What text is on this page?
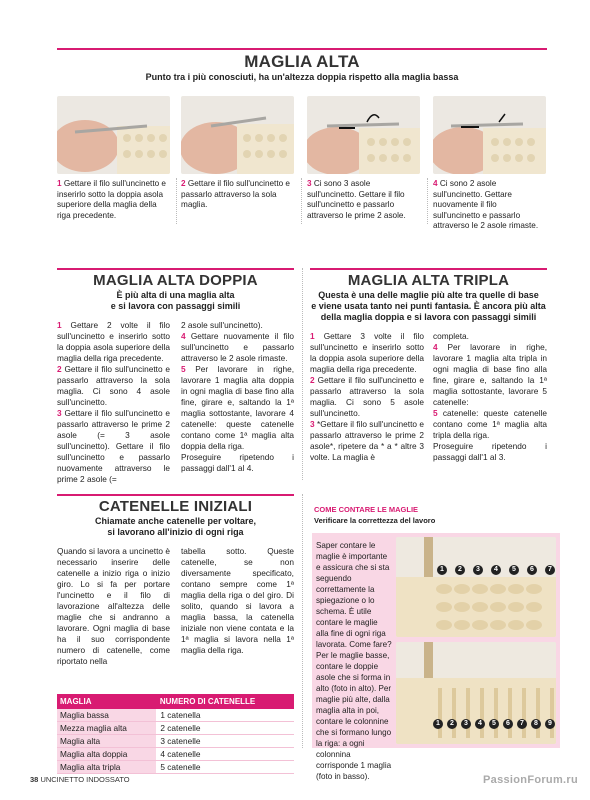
MAGLIA ALTA
Punto tra i più conosciuti, ha un'altezza doppia rispetto alla maglia bassa
1 Gettare il filo sull'uncinetto e inserirlo sotto la doppia asola superiore della maglia della riga precedente.
2 Gettare il filo sull'uncinetto e passarlo attraverso la sola maglia.
3 Ci sono 3 asole sull'uncinetto. Gettare il filo sull'uncinetto e passarlo attraverso le prime 2 asole.
4 Ci sono 2 asole sull'uncinetto. Gettare nuovamente il filo sull'uncinetto e passarlo attraverso le 2 asole rimaste.
MAGLIA ALTA DOPPIA
È più alta di una maglia alta
e si lavora con passaggi simili

1 Gettare 2 volte il filo sull'uncinetto e inserirlo sotto la doppia asola superiore della maglia della riga precedente.

2 Gettare il filo sull'uncinetto e passarlo attraverso la sola maglia. Ci sono 4 asole sull'uncinetto.

3 Gettare il filo sull'uncinetto e passarlo attraverso le prime 2 asole (= 3 asole sull'uncinetto). Gettare il filo sull'uncinetto e passarlo nuovamente attraverso le prime 2 asole (=

2 asole sull'uncinetto).

4 Gettare nuovamente il filo sull'uncinetto e passarlo attraverso le 2 asole rimaste.

5 Per lavorare in righe, lavorare 1 maglia alta doppia in ogni maglia di base fino alla fine, girare e, saltando la 1ª maglia sottostante, lavorare 4 catenelle: queste catenelle contano come 1ª maglia alta doppia della riga.

Proseguire ripetendo i passaggi dall'1 al 4.

MAGLIA ALTA TRIPLA
Questa è una delle maglie più alte tra quelle di base
e viene usata tanto nei punti fantasia. È ancora più alta
della maglia doppia e si lavora con passaggi simili

1 Gettare 3 volte il filo sull'uncinetto e inserirlo sotto la doppia asola superiore della maglia della riga precedente.

2 Gettare il filo sull'uncinetto e passarlo attraverso la sola maglia. Ci sono 5 asole sull'uncinetto.

3 *Gettare il filo sull'uncinetto e passarlo attraverso le prime 2 asole*, ripetere da * a * altre 3 volte. La maglia è

completa.

4 Per lavorare in righe, lavorare 1 maglia alta tripla in ogni maglia di base fino alla fine, girare e, saltando la 1ª maglia sottostante, lavorare 5 catenelle:

5 catenelle: queste catenelle contano come 1ª maglia alta tripla della riga.

Proseguire ripetendo i passaggi dall'1 al 3.

CATENELLE INIZIALI
Chiamate anche catenelle per voltare,
si lavorano all'inizio di ogni riga

Quando si lavora a uncinetto è necessario inserire delle catenelle a inizio riga o inizio giro. Lo si fa per portare l'uncinetto e il filo di lavorazione all'altezza delle maglie che si andranno a lavorare. Ogni maglia di base ha il suo corrispondente numero di catenelle, come riportato nella

tabella sotto. Queste catenelle, se non diversamente specificato, contano sempre come 1ª maglia della riga o del giro. Di solito, quando si lavora a maglia bassa, la catenella iniziale non viene contata e la 1ª maglia si lavora nella 1ª maglia della riga.

MAGLIA	NUMERO DI CATENELLE
Maglia bassa	1 catenella
Mezza maglia alta	2 catenelle
Maglia alta	3 catenelle
Maglia alta doppia	4 catenelle
Maglia alta tripla	5 catenelle
COME CONTARE LE MAGLIE
Verificare la correttezza del lavoro
Saper contare le maglie è importante e assicura che si sta seguendo correttamente la spiegazione o lo schema. È utile contare le maglie alla fine di ogni riga lavorata. Come fare? Per le maglie basse, contare le doppie asole che si forma in alto (foto in alto). Per maglie più alte, dalla maglia alta in poi, contare le colonnine che si formano lungo la riga: a ogni colonnina corrisponde 1 maglia (foto in basso).
1	2	3	4	5	6	7
1	2	3	4	5	6	7	8	9
38 UNCINETTO INDOSSATO	PassionForum.ru
